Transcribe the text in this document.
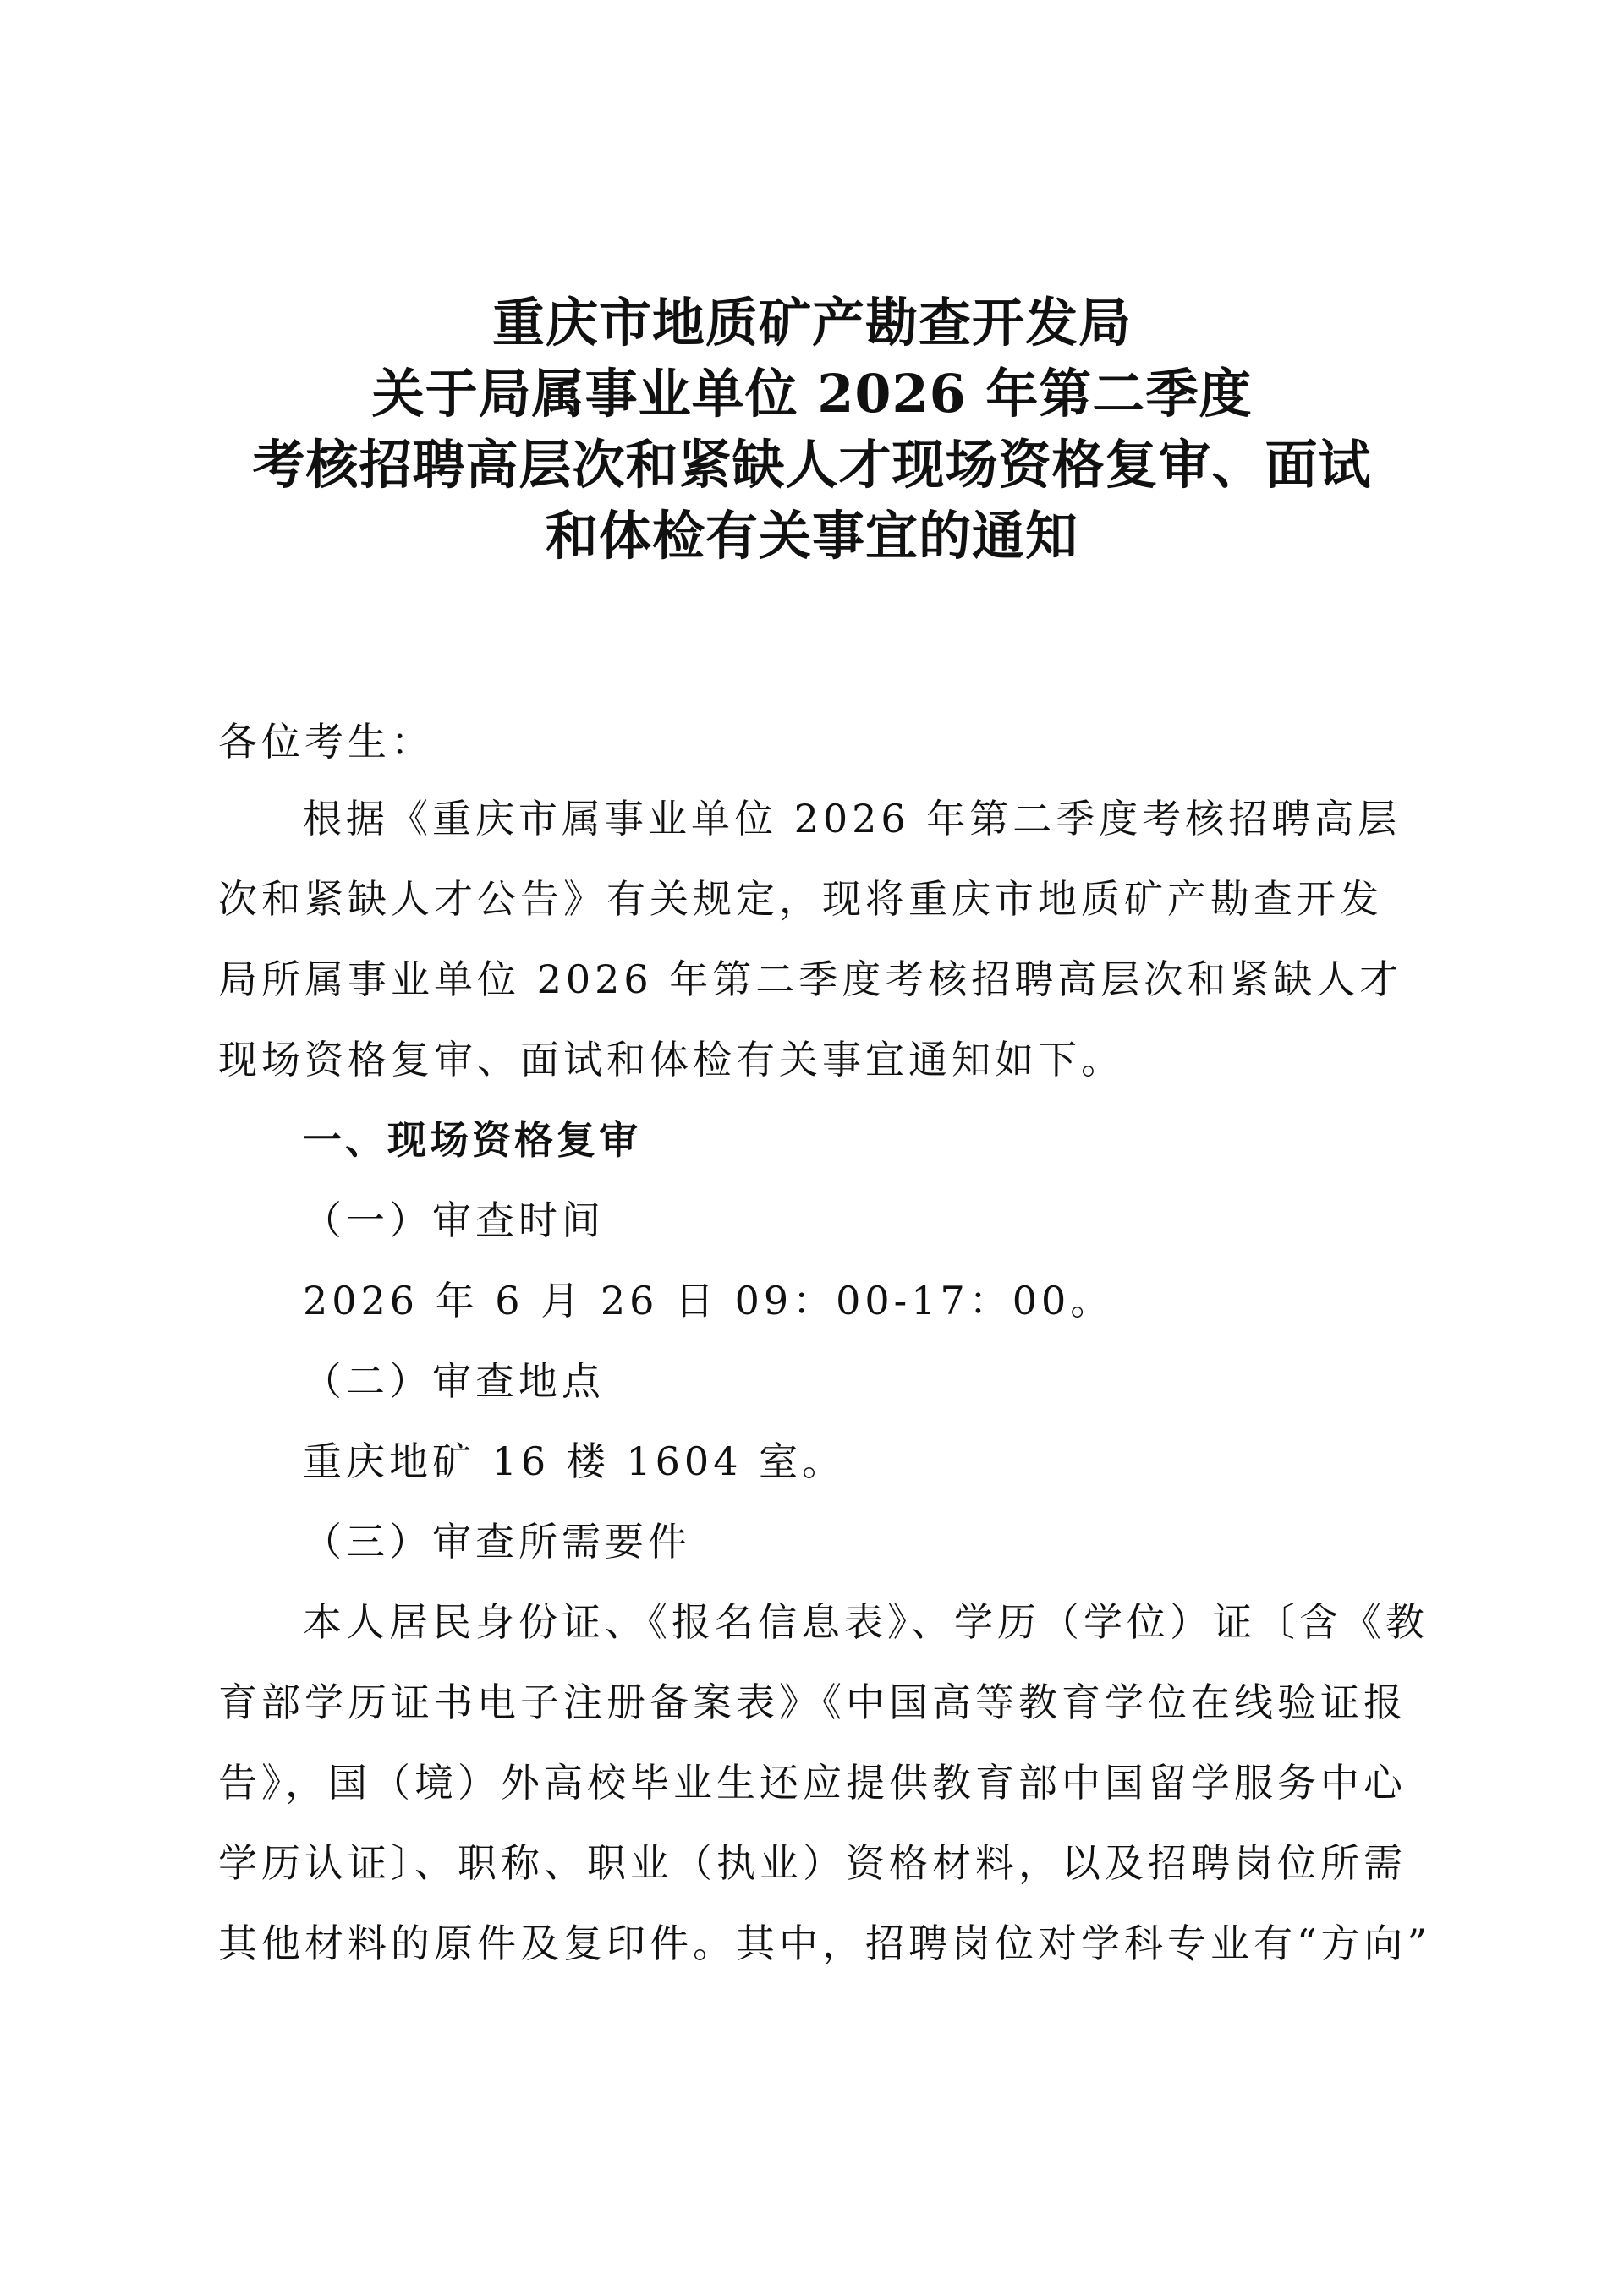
重庆市地质矿产勘查开发局
关于局属事业单位 2026 年第二季度
考核招聘高层次和紧缺人才现场资格复审、面试
和体检有关事宜的通知
各位考生：
根据《重庆市属事业单位 2026 年第二季度考核招聘高层
次和紧缺人才公告》有关规定，现将重庆市地质矿产勘查开发
局所属事业单位 2026 年第二季度考核招聘高层次和紧缺人才
现场资格复审、面试和体检有关事宜通知如下。
一、现场资格复审
（一）审查时间
2026 年 6 月 26 日 09：00-17：00。
（二）审查地点
重庆地矿 16 楼 1604 室。
（三）审查所需要件
本人居民身份证、《报名信息表》、学历（学位）证〔含《教
育部学历证书电子注册备案表》《中国高等教育学位在线验证报
告》，国（境）外高校毕业生还应提供教育部中国留学服务中心
学历认证〕、职称、职业（执业）资格材料，以及招聘岗位所需
其他材料的原件及复印件。其中，招聘岗位对学科专业有“方向”
